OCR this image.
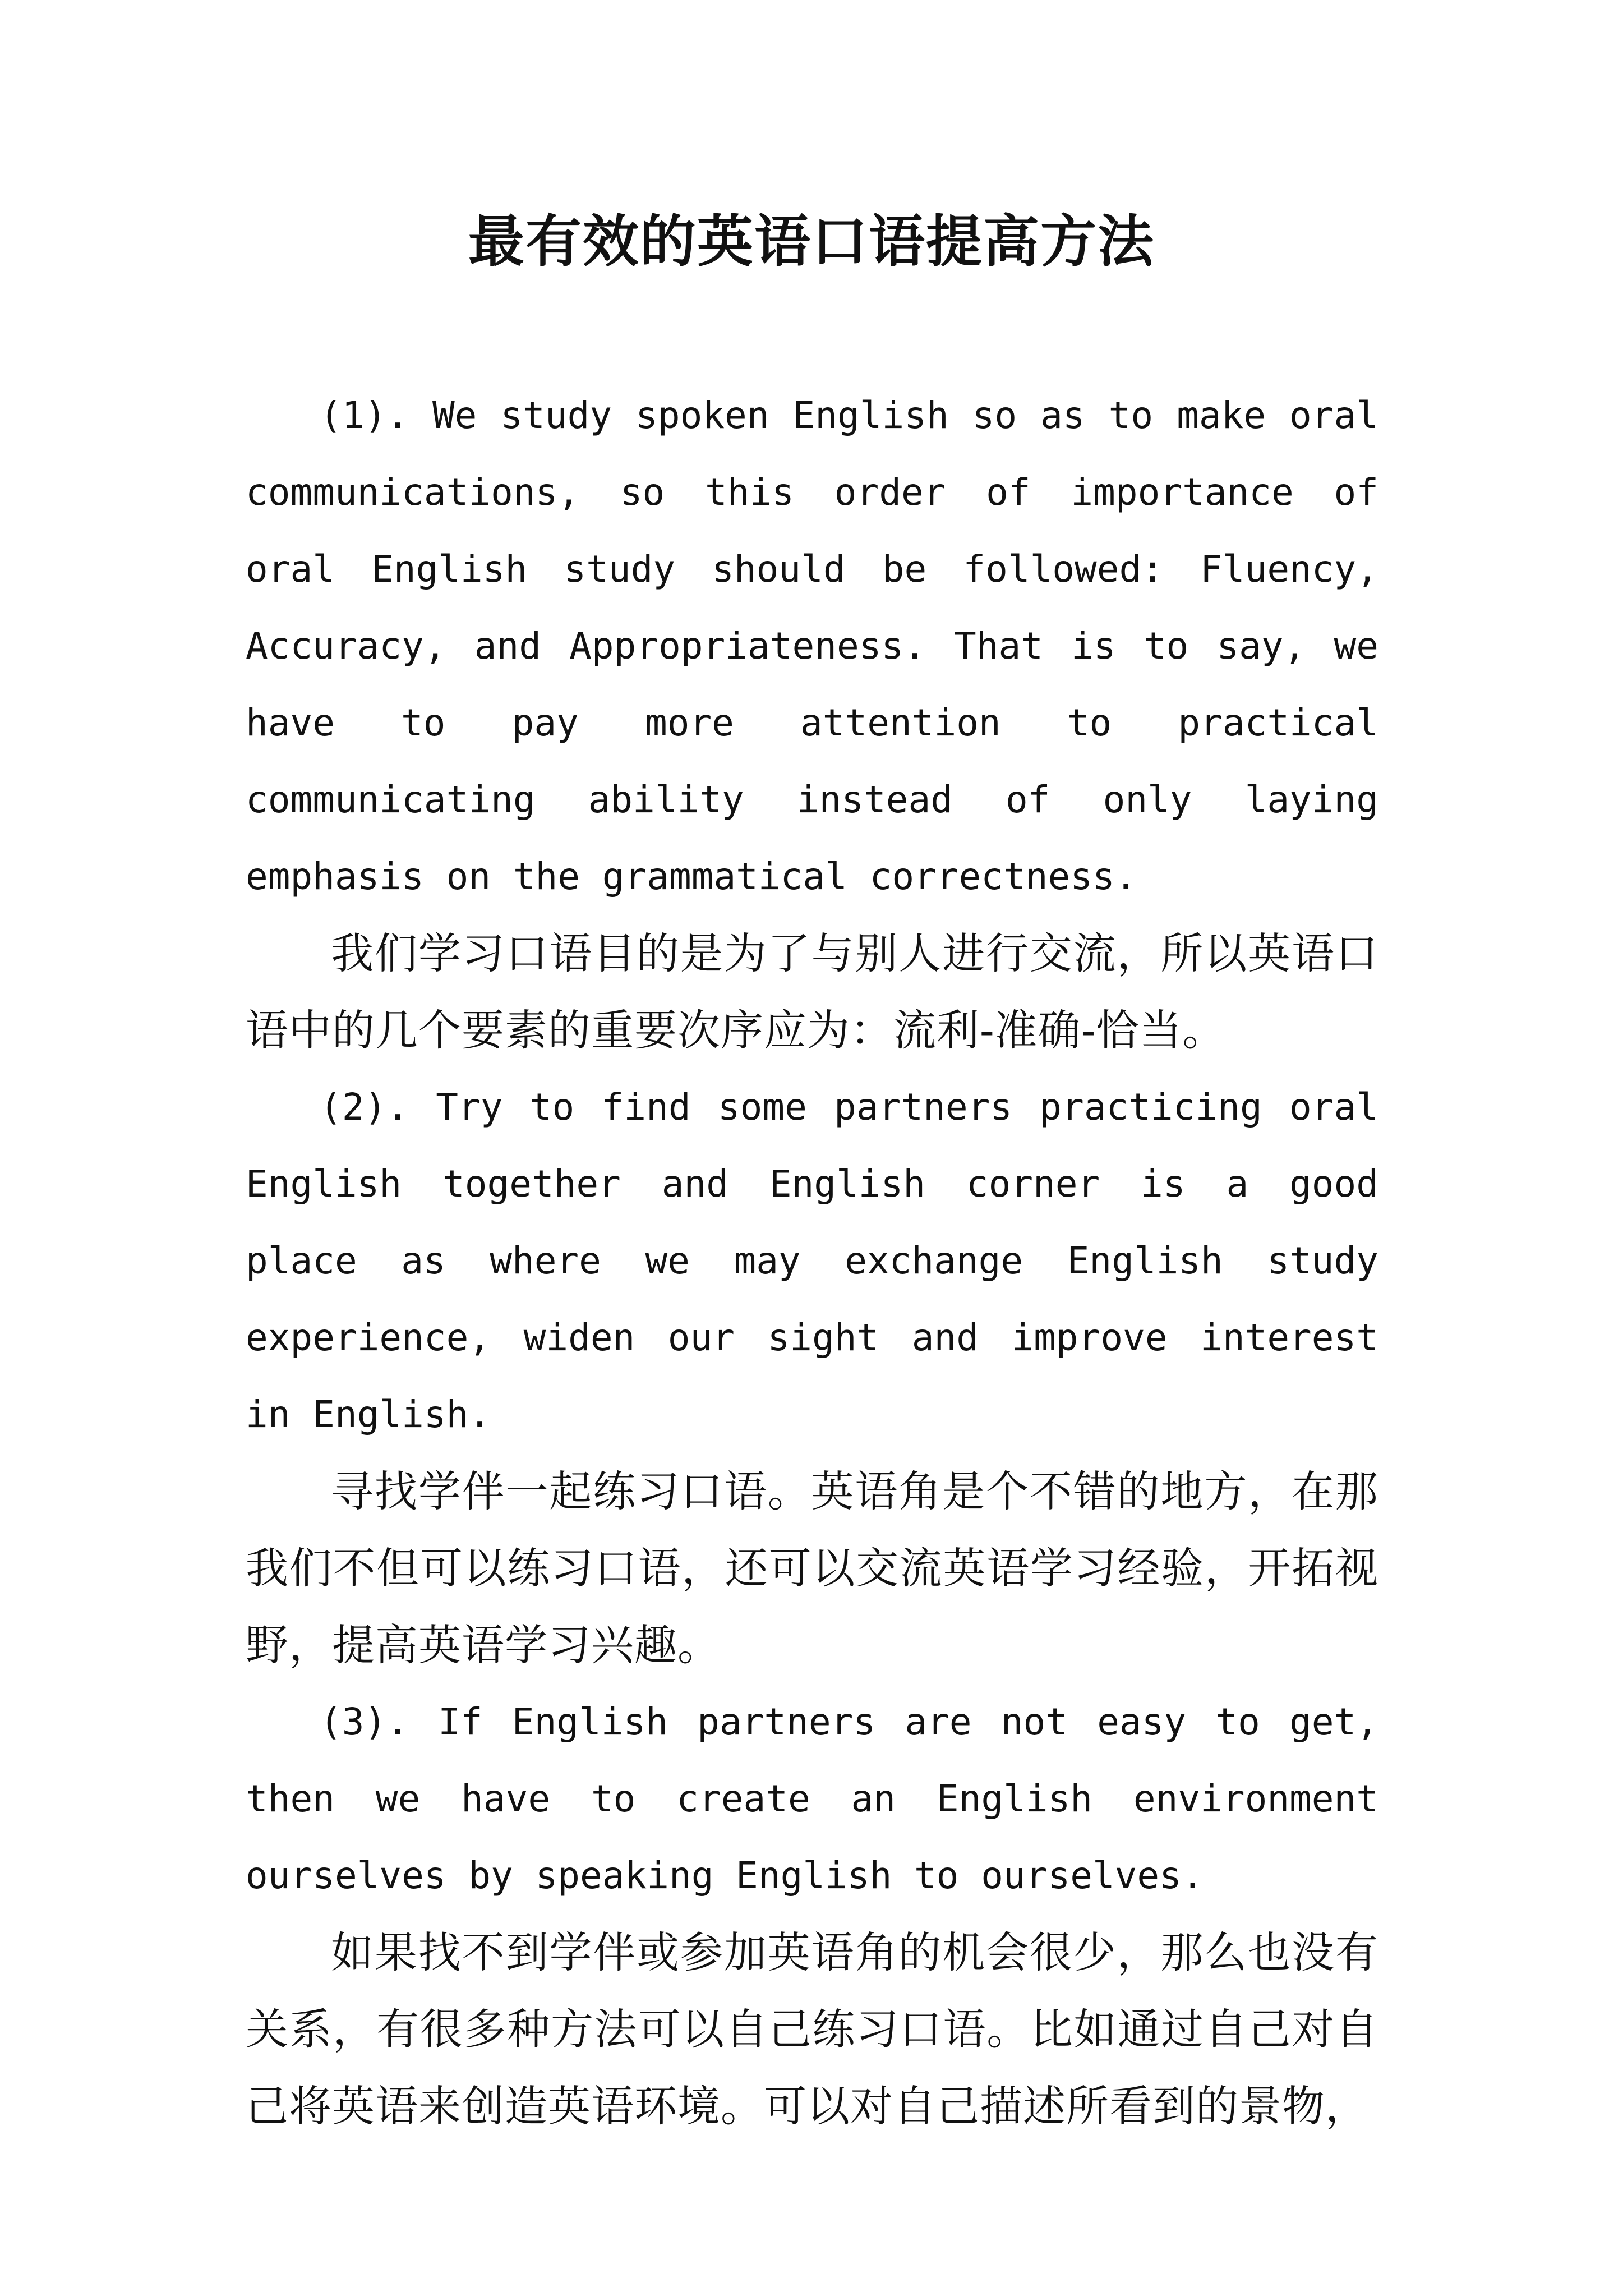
最有效的英语口语提高方法

(1). We study spoken English so as to make oral communications, so this order of importance of oral English study should be followed: Fluency, Accuracy, and Appropriateness. That is to say, we have to pay more attention to practical communicating ability instead of only laying emphasis on the grammatical correctness.

我们学习口语目的是为了与别人进行交流，所以英语口语中的几个要素的重要次序应为：流利-准确-恰当。

(2). Try to find some partners practicing oral English together and English corner is a good place as where we may exchange English study experience, widen our sight and improve interest in English.

寻找学伴一起练习口语。英语角是个不错的地方，在那我们不但可以练习口语，还可以交流英语学习经验，开拓视野，提高英语学习兴趣。

(3). If English partners are not easy to get, then we have to create an English environment ourselves by speaking English to ourselves.

如果找不到学伴或参加英语角的机会很少，那么也没有关系，有很多种方法可以自己练习口语。比如通过自己对自己将英语来创造英语环境。可以对自己描述所看到的景物，
